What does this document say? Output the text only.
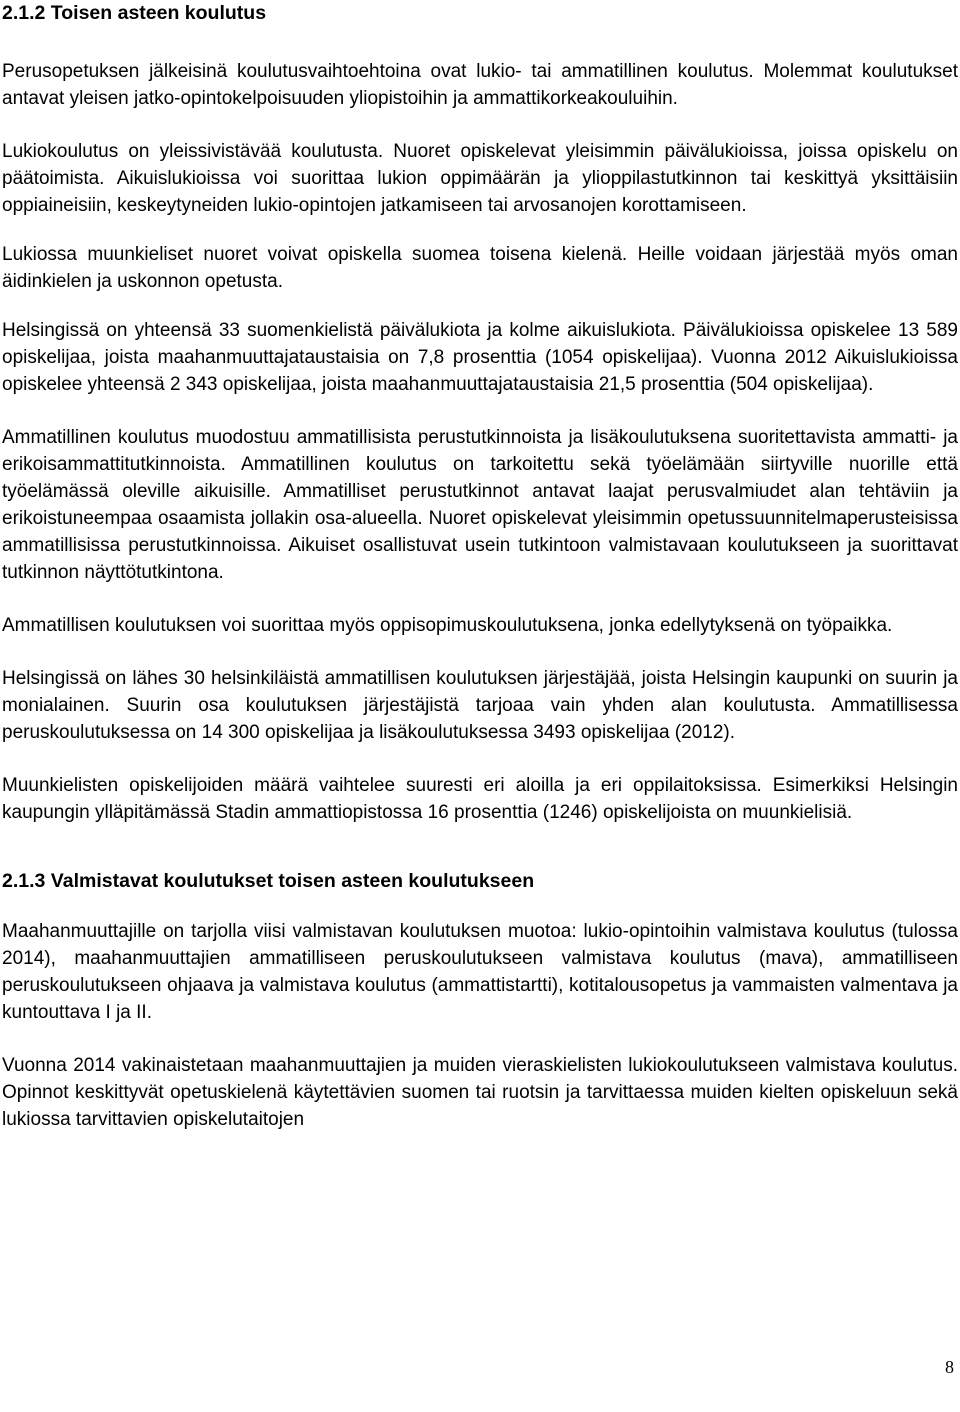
2.1.2 Toisen asteen koulutus

Perusopetuksen jälkeisinä koulutusvaihtoehtoina ovat lukio- tai ammatillinen koulutus. Molemmat koulutukset antavat yleisen jatko-opintokelpoisuuden yliopistoihin ja ammattikorkeakouluihin.

Lukiokoulutus on yleissivistävää koulutusta. Nuoret opiskelevat yleisimmin päivälukioissa, joissa opiskelu on päätoimista. Aikuislukioissa voi suorittaa lukion oppimäärän ja ylioppilastutkinnon tai keskittyä yksittäisiin oppiaineisiin, keskeytyneiden lukio-opintojen jatkamiseen tai arvosanojen korottamiseen.

Lukiossa muunkieliset nuoret voivat opiskella suomea toisena kielenä. Heille voidaan järjestää myös oman äidinkielen ja uskonnon opetusta.

Helsingissä on yhteensä 33 suomenkielistä päivälukiota ja kolme aikuislukiota. Päivälukioissa opiskelee 13 589 opiskelijaa, joista maahanmuuttajataustaisia on 7,8 prosenttia (1054 opiskelijaa). Vuonna 2012 Aikuislukioissa opiskelee yhteensä 2 343 opiskelijaa, joista maahanmuuttajataustaisia 21,5 prosenttia (504 opiskelijaa).

Ammatillinen koulutus muodostuu ammatillisista perustutkinnoista ja lisäkoulutuksena suoritettavista ammatti- ja erikoisammattitutkinnoista. Ammatillinen koulutus on tarkoitettu sekä työelämään siirtyville nuorille että työelämässä oleville aikuisille. Ammatilliset perustutkinnot antavat laajat perusvalmiudet alan tehtäviin ja erikoistuneempaa osaamista jollakin osa-alueella. Nuoret opiskelevat yleisimmin opetussuunnitelmaperusteisissa ammatillisissa perustutkinnoissa. Aikuiset osallistuvat usein tutkintoon valmistavaan koulutukseen ja suorittavat tutkinnon näyttötutkintona.

Ammatillisen koulutuksen voi suorittaa myös oppisopimuskoulutuksena, jonka edellytyksenä on työpaikka.

Helsingissä on lähes 30 helsinkiläistä ammatillisen koulutuksen järjestäjää, joista Helsingin kaupunki on suurin ja monialainen. Suurin osa koulutuksen järjestäjistä tarjoaa vain yhden alan koulutusta. Ammatillisessa peruskoulutuksessa on 14 300 opiskelijaa ja lisäkoulutuksessa 3493 opiskelijaa (2012).

Muunkielisten opiskelijoiden määrä vaihtelee suuresti eri aloilla ja eri oppilaitoksissa. Esimerkiksi Helsingin kaupungin ylläpitämässä Stadin ammattiopistossa 16 prosenttia (1246) opiskelijoista on muunkielisiä.

2.1.3 Valmistavat koulutukset toisen asteen koulutukseen

Maahanmuuttajille on tarjolla viisi valmistavan koulutuksen muotoa: lukio-opintoihin valmistava koulutus (tulossa 2014), maahanmuuttajien ammatilliseen peruskoulutukseen valmistava koulutus (mava), ammatilliseen peruskoulutukseen ohjaava ja valmistava koulutus (ammattistartti), kotitalousopetus ja vammaisten valmentava ja kuntouttava I ja II.

Vuonna 2014 vakinaistetaan maahanmuuttajien ja muiden vieraskielisten lukiokoulutukseen valmistava koulutus. Opinnot keskittyvät opetuskielenä käytettävien suomen tai ruotsin ja tarvittaessa muiden kielten opiskeluun sekä lukiossa tarvittavien opiskelutaitojen

8
